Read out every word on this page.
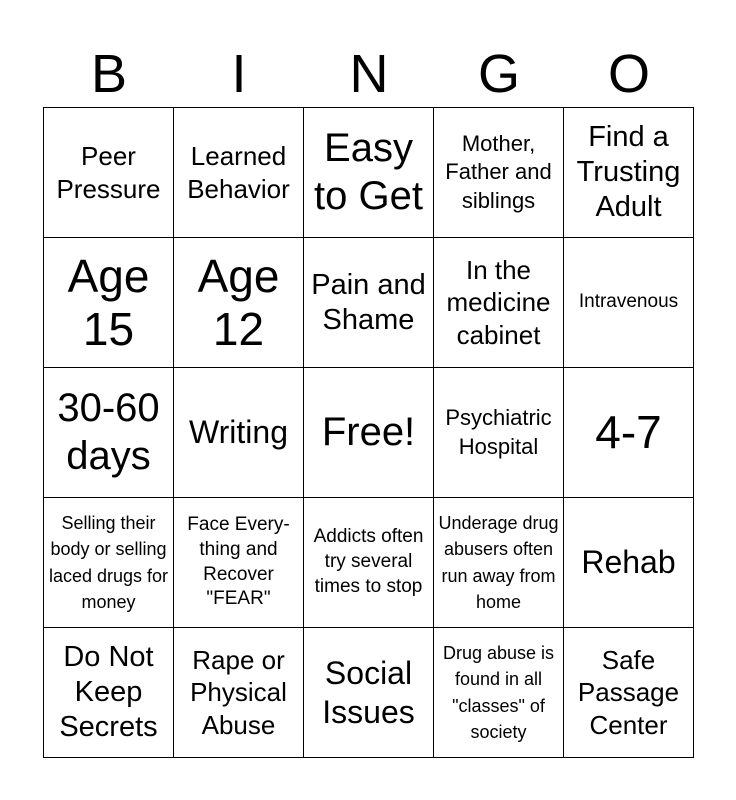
B	I	N	G	O
Peer Pressure	Learned Behavior	Easy to Get	Mother, Father and siblings	Find a Trusting Adult
Age 15	Age 12	Pain and Shame	In the medicine cabinet	Intravenous
30-60 days	Writing	Free!	Psychiatric Hospital	4-7
Selling their body or selling laced drugs for money	Face Every-thing and Recover "FEAR"	Addicts often try several times to stop	Underage drug abusers often run away from home	Rehab
Do Not Keep Secrets	Rape or Physical Abuse	Social Issues	Drug abuse is found in all "classes" of society	Safe Passage Center
